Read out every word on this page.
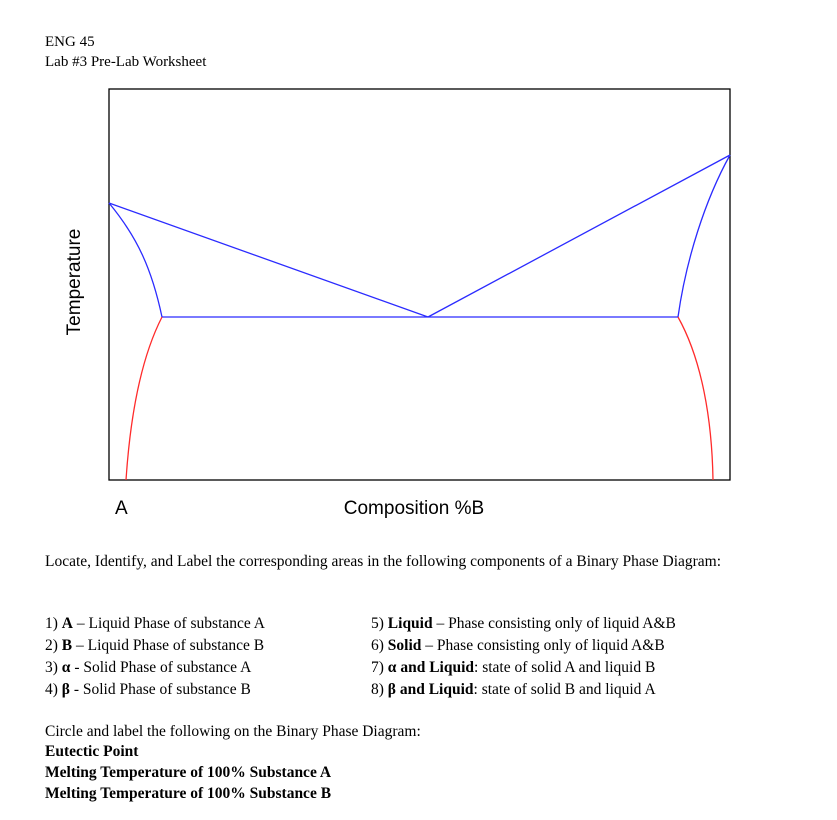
ENG 45
Lab #3 Pre-Lab Worksheet
Temperature
A	Composition %B
Locate, Identify, and Label the corresponding areas in the following components of a Binary Phase Diagram:
1) A – Liquid Phase of substance A
2) B – Liquid Phase of substance B
3) α - Solid Phase of substance A
4) β - Solid Phase of substance B
5) Liquid – Phase consisting only of liquid A&B
6) Solid – Phase consisting only of liquid A&B
7) α and Liquid: state of solid A and liquid B
8) β and Liquid: state of solid B and liquid A
Circle and label the following on the Binary Phase Diagram:
Eutectic Point
Melting Temperature of 100% Substance A
Melting Temperature of 100% Substance B
